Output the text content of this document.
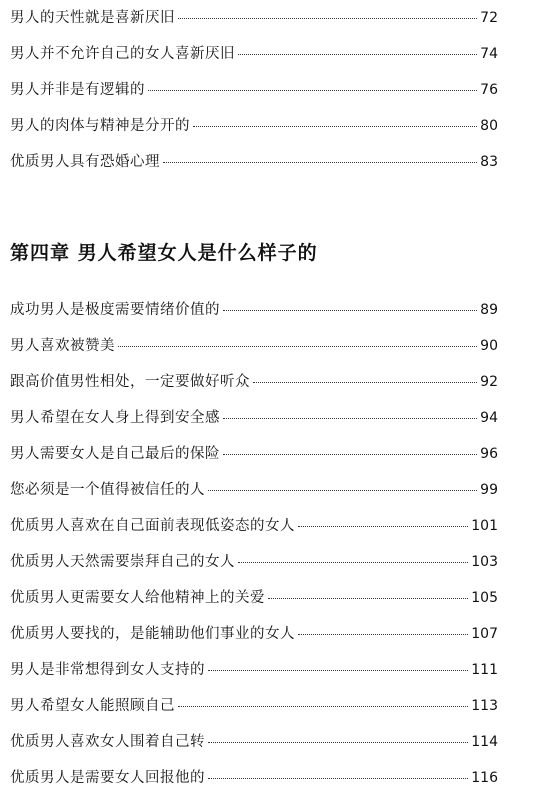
男人的天性就是喜新厌旧	72
男人并不允许自己的女人喜新厌旧	74
男人并非是有逻辑的	76
男人的肉体与精神是分开的	80
优质男人具有恐婚心理	83
第四章 男人希望女人是什么样子的
成功男人是极度需要情绪价值的	89
男人喜欢被赞美	90
跟高价值男性相处，一定要做好听众	92
男人希望在女人身上得到安全感	94
男人需要女人是自己最后的保险	96
您必须是一个值得被信任的人	99
优质男人喜欢在自己面前表现低姿态的女人	101
优质男人天然需要崇拜自己的女人	103
优质男人更需要女人给他精神上的关爱	105
优质男人要找的，是能辅助他们事业的女人	107
男人是非常想得到女人支持的	111
男人希望女人能照顾自己	113
优质男人喜欢女人围着自己转	114
优质男人是需要女人回报他的	116
